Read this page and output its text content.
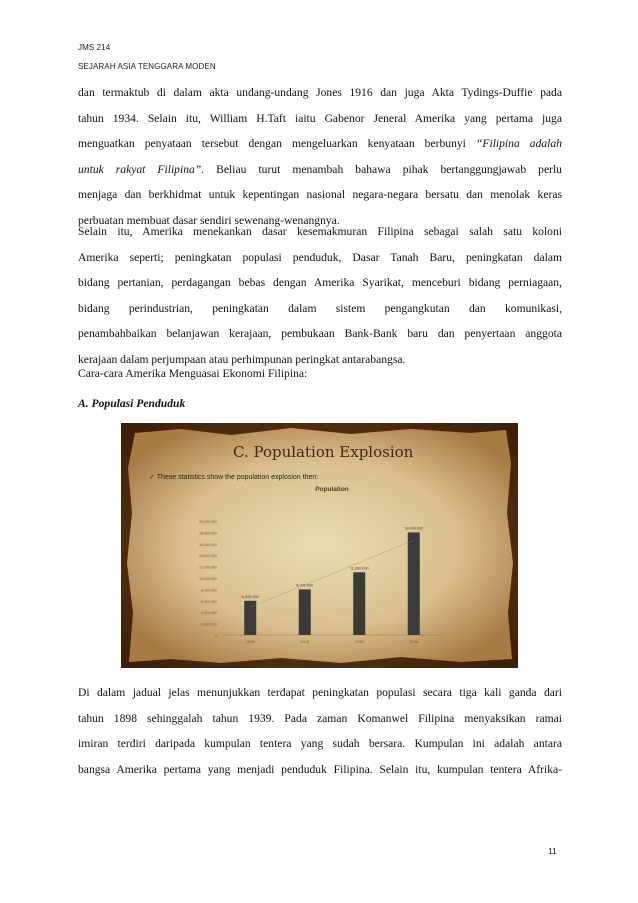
JMS 214
SEJARAH ASIA TENGGARA MODEN
dan termaktub di dalam akta undang-undang Jones 1916 dan juga Akta Tydings-Duffie pada
tahun 1934. Selain itu, William H.Taft iaitu Gabenor Jeneral Amerika yang pertama juga
menguatkan penyataan tersebut dengan mengeluarkan kenyataan berbunyi “Filipina adalah
untuk rakyat Filipina”. Beliau turut menambah bahawa pihak bertanggungjawab perlu
menjaga dan berkhidmat untuk kepentingan nasional negara-negara bersatu dan menolak keras
perbuatan membuat dasar sendiri sewenang-wenangnya.
Selain itu, Amerika menekankan dasar kesemakmuran Filipina sebagai salah satu koloni
Amerika seperti; peningkatan populasi penduduk, Dasar Tanah Baru, peningkatan dalam
bidang pertanian, perdagangan bebas dengan Amerika Syarikat, menceburi bidang perniagaan,
bidang perindustrian, peningkatan dalam sistem pengangkutan dan komunikasi,
penambahbaikan belanjawan kerajaan, pembukaan Bank-Bank baru dan penyertaan anggota
kerajaan dalam perjumpaan atau perhimpunan peringkat antarabangsa.
Cara-cara Amerika Menguasai Ekonomi Filipina:
A. Populasi Penduduk
C. Population Explosion
✓ These statistics show the population explosion then:
Population
20,000,000
18,000,000
16,000,000
14,000,000
12,000,000
10,000,000
8,000,000
6,000,000
4,000,000
2,000,000
0
6,000,000
1898
8,000,000
1918
11,000,000
1939
18,000,000
1948
Di dalam jadual jelas menunjukkan terdapat peningkatan populasi secara tiga kali ganda dari
tahun 1898 sehinggalah tahun 1939. Pada zaman Komanwel Filipina menyaksikan ramai
imiran terdiri daripada kumpulan tentera yang sudah bersara. Kumpulan ini adalah antara
bangsa Amerika pertama yang menjadi penduduk Filipina. Selain itu, kumpulan tentera Afrika-
11
